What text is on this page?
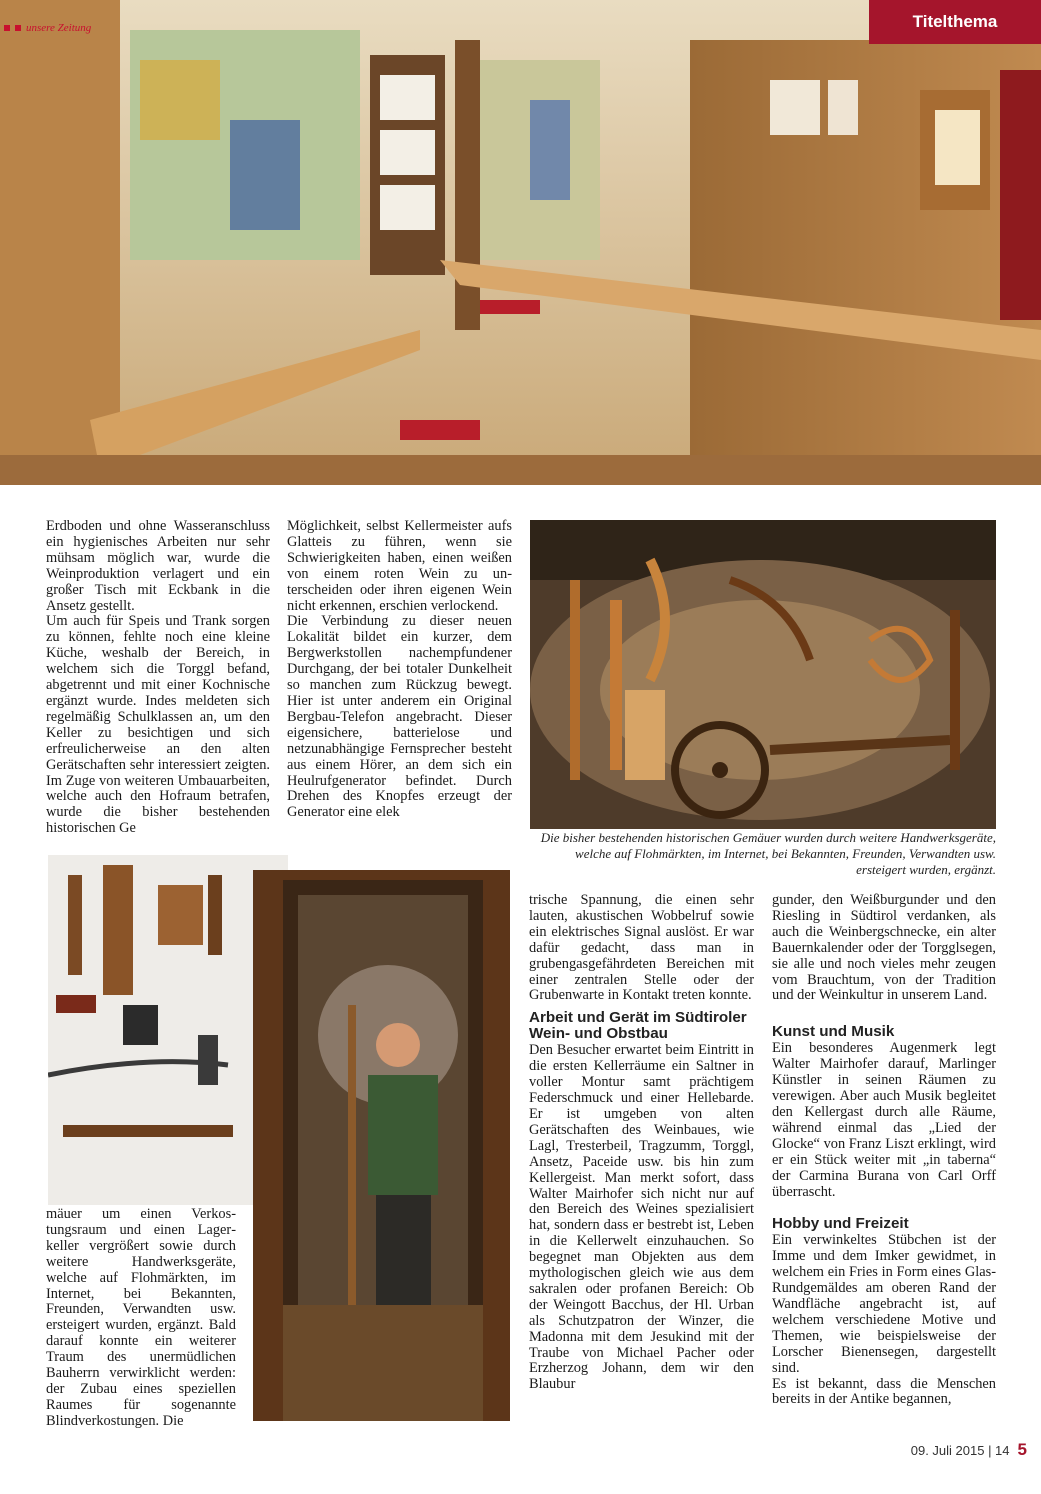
unsere Zeitung	Titelthema

Erdboden und ohne Wasseranschluss ein hygienisches Arbeiten nur sehr mühsam möglich war, wurde die Weinproduktion verlagert und ein großer Tisch mit Eckbank in die Ansetz gestellt.

Um auch für Speis und Trank sorgen zu können, fehlte noch eine kleine Küche, weshalb der Bereich, in welchem sich die Torggl befand, abgetrennt und mit einer Kochnische ergänzt wurde. Indes meldeten sich regelmäßig Schulklassen an, um den Keller zu besichtigen und sich erfreulicherweise an den alten Gerätschaften sehr interessiert zeigten. Im Zuge von weiteren Umbauarbeiten, welche auch den Hofraum betrafen, wurde die bisher bestehenden historischen Ge

Möglichkeit, selbst Kellermeister aufs Glatteis zu führen, wenn sie Schwierigkeiten haben, einen weißen von einem roten Wein zu unterscheiden oder ihren eigenen Wein nicht erkennen, erschien verlockend.

Die Verbindung zu dieser neuen Lokalität bildet ein kurzer, dem Bergwerkstollen nachempfundener Durchgang, der bei totaler Dunkelheit so manchen zum Rückzug bewegt. Hier ist unter anderem ein Original Bergbau-Telefon angebracht. Dieser eigensichere, batterielose und netzunabhängige Fernsprecher besteht aus einem Hörer, an dem sich ein Heulrufgenerator befindet. Durch Drehen des Knopfes erzeugt der Generator eine elek

Die bisher bestehenden historischen Gemäuer wurden durch weitere Handwerksgeräte, welche auf Flohmärkten, im Internet, bei Bekannten, Freunden, Verwandten usw. ersteigert wurden, ergänzt.

mäuer um einen Verkostungsraum und einen Lagerkeller vergrößert sowie durch weitere Handwerksgeräte, welche auf Flohmärkten, im Internet, bei Bekannten, Freunden, Verwandten usw. ersteigert wurden, ergänzt. Bald darauf konnte ein weiterer Traum des unermüdlichen Bauherrn verwirklicht werden: der Zubau eines speziellen Raumes für sogenannte Blindverkostungen. Die

trische Spannung, die einen sehr lauten, akustischen Wobbelruf sowie ein elektrisches Signal auslöst. Er war dafür gedacht, dass man in grubengasgefährdeten Bereichen mit einer zentralen Stelle oder der Grubenwarte in Kontakt treten konnte.

Arbeit und Gerät im Südtiroler Wein- und Obstbau

Den Besucher erwartet beim Eintritt in die ersten Kellerräume ein Saltner in voller Montur samt prächtigem Federschmuck und einer Hellebarde. Er ist umgeben von alten Gerätschaften des Weinbaues, wie Lagl, Tresterbeil, Tragzumm, Torggl, Ansetz, Paceide usw. bis hin zum Kellergeist. Man merkt sofort, dass Walter Mairhofer sich nicht nur auf den Bereich des Weines spezialisiert hat, sondern dass er bestrebt ist, Leben in die Kellerwelt einzuhauchen. So begegnet man Objekten aus dem mythologischen gleich wie aus dem sakralen oder profanen Bereich: Ob der Weingott Bacchus, der Hl. Urban als Schutzpatron der Winzer, die Madonna mit dem Jesukind mit der Traube von Michael Pacher oder Erzherzog Johann, dem wir den Blaubur

gunder, den Weißburgunder und den Riesling in Südtirol verdanken, als auch die Weinbergschnecke, ein alter Bauernkalender oder der Torgglsegen, sie alle und noch vieles mehr zeugen vom Brauchtum, von der Tradition und der Weinkultur in unserem Land.

Kunst und Musik

Ein besonderes Augenmerk legt Walter Mairhofer darauf, Marlinger Künstler in seinen Räumen zu verewigen. Aber auch Musik begleitet den Kellergast durch alle Räume, während einmal das „Lied der Glocke“ von Franz Liszt erklingt, wird er ein Stück weiter mit „in taberna“ der Carmina Burana von Carl Orff überrascht.

Hobby und Freizeit

Ein verwinkeltes Stübchen ist der Imme und dem Imker gewidmet, in welchem ein Fries in Form eines Glas-Rundgemäldes am oberen Rand der Wandfläche angebracht ist, auf welchem verschiedene Motive und Themen, wie beispielsweise der Lorscher Bienensegen, dargestellt sind.

Es ist bekannt, dass die Menschen bereits in der Antike begannen,

09. Juli 2015 | 14 5
